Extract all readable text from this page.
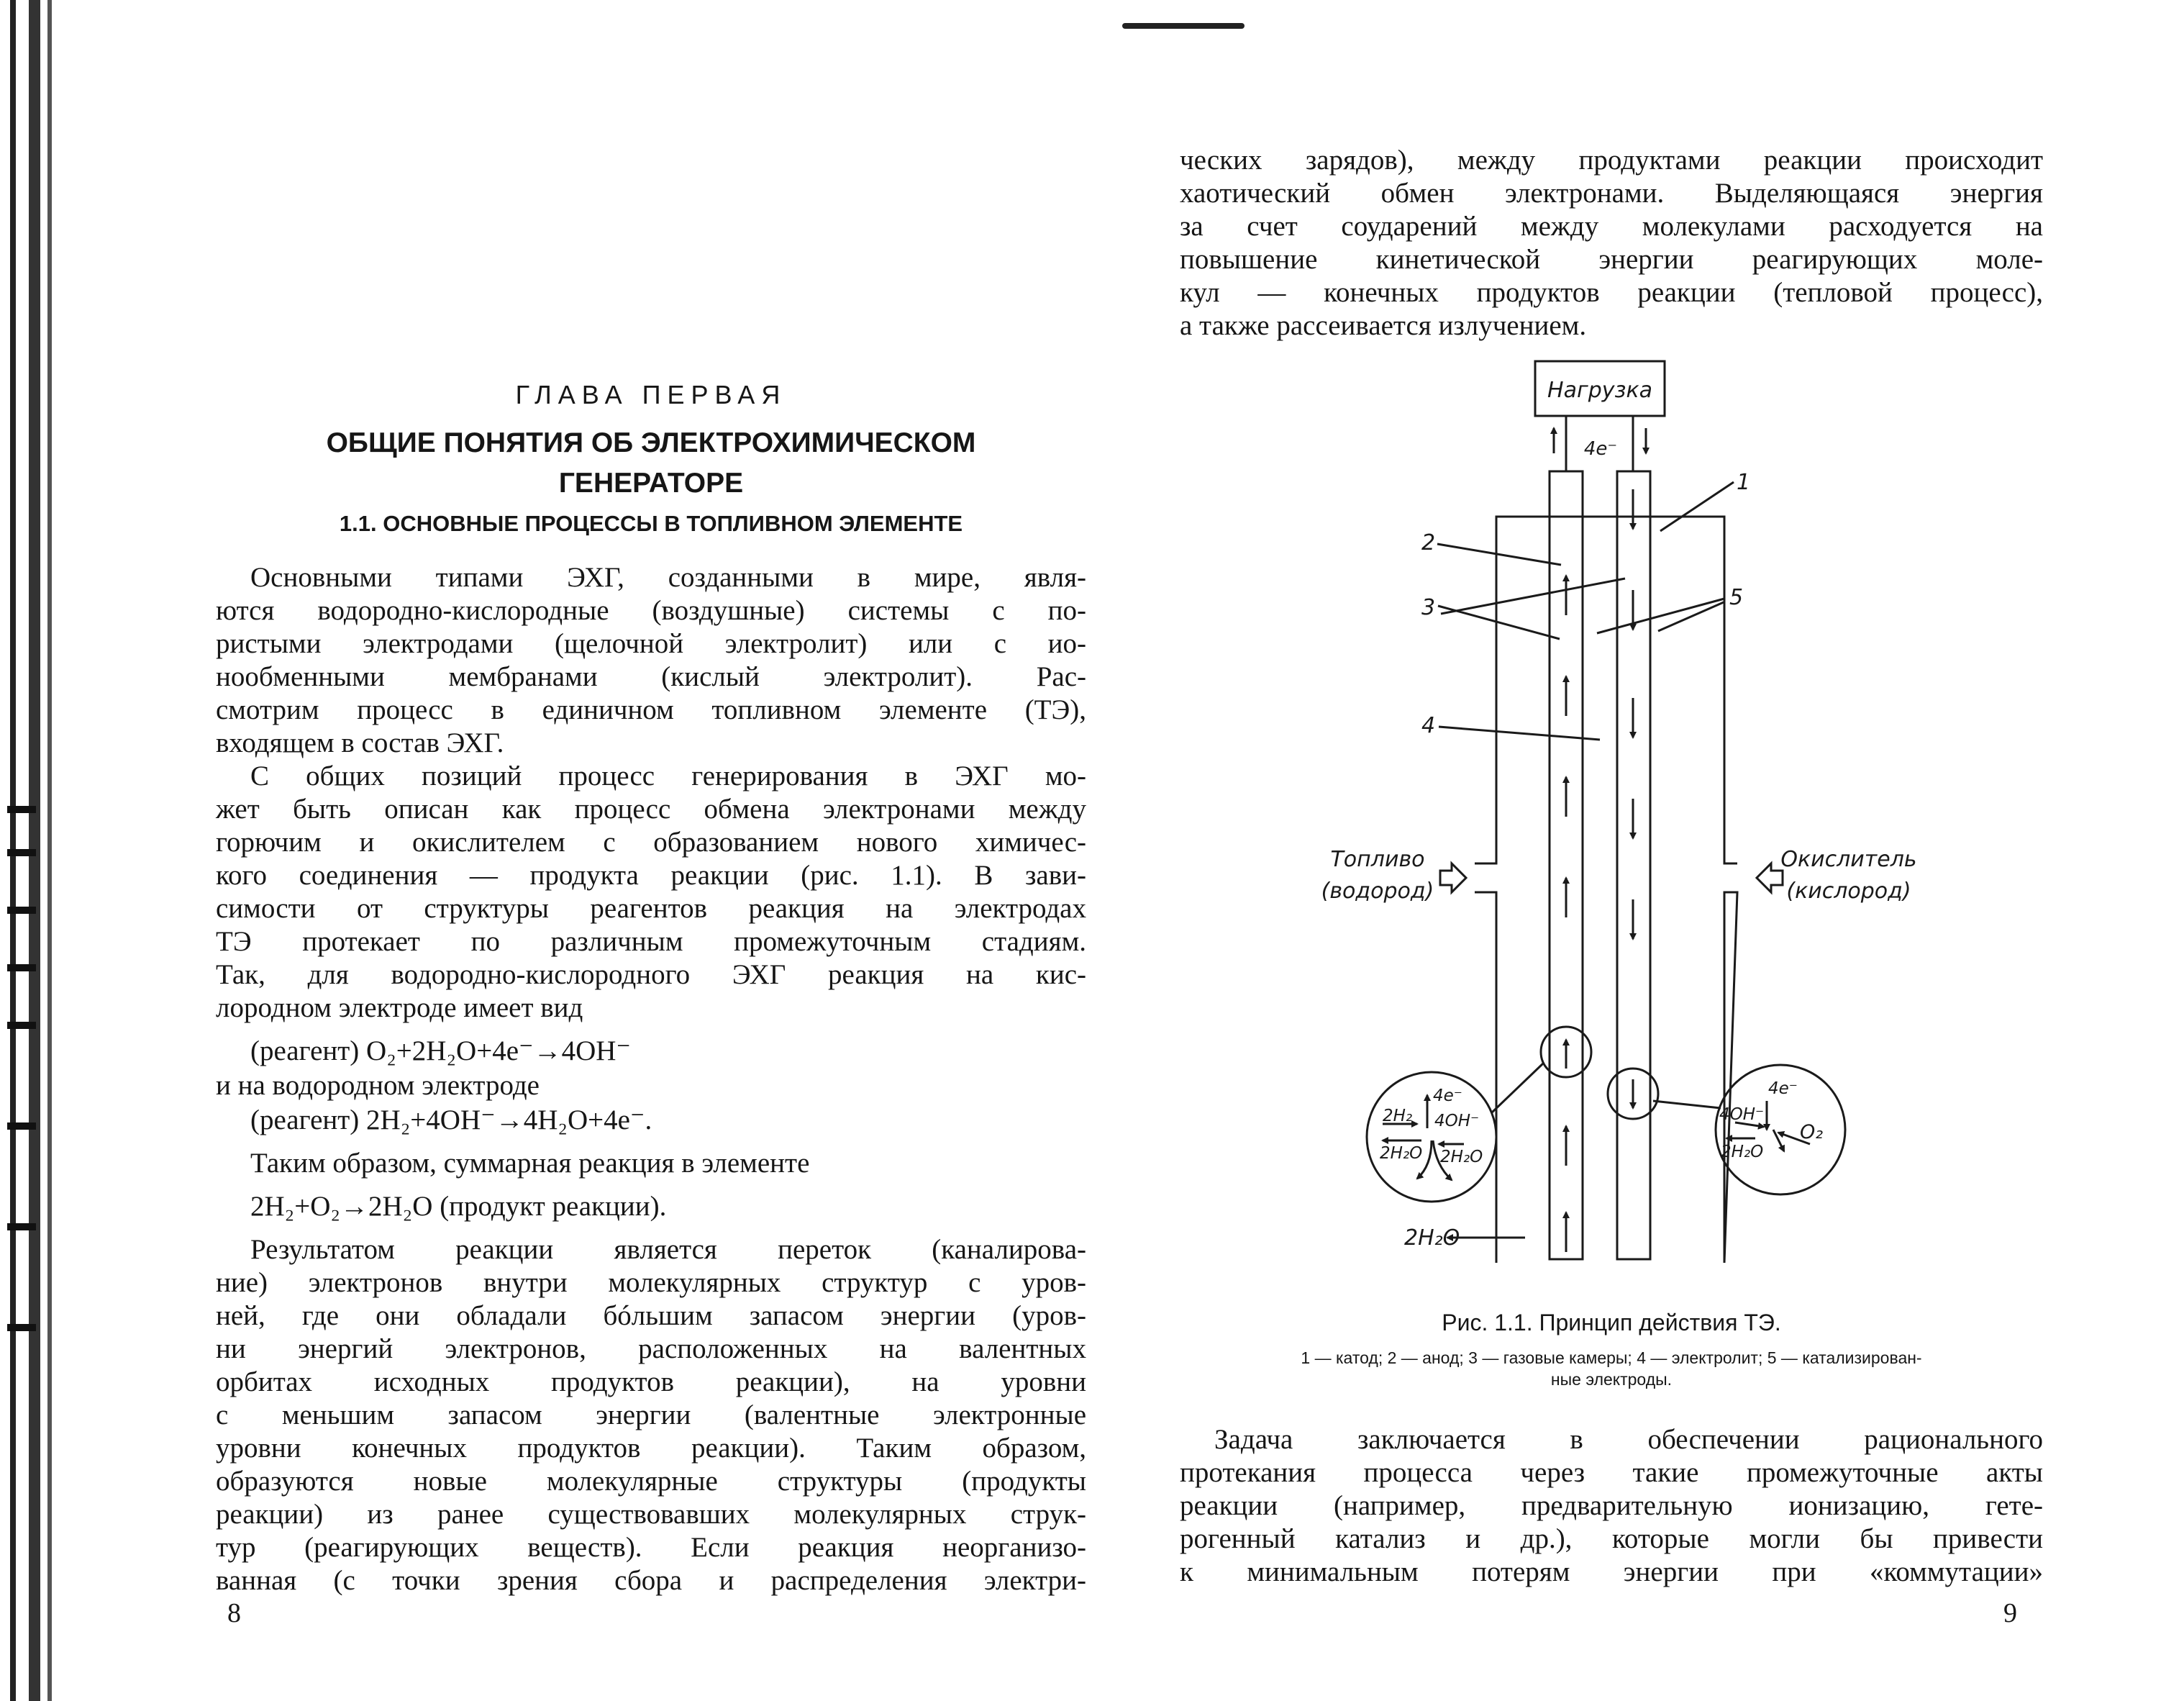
ГЛАВА ПЕРВАЯ
ОБЩИЕ ПОНЯТИЯ ОБ ЭЛЕКТРОХИМИЧЕСКОМ
ГЕНЕРАТОРЕ
1.1. ОСНОВНЫЕ ПРОЦЕССЫ В ТОПЛИВНОМ ЭЛЕМЕНТЕ
Основными типами ЭХГ, созданными в мире, явля-
ются водородно-кислородные (воздушные) системы с по-
ристыми электродами (щелочной электролит) или с ио-
нообменными мембранами (кислый электролит). Рас-
смотрим процесс в единичном топливном элементе (ТЭ),
входящем в состав ЭХГ.
С общих позиций процесс генерирования в ЭХГ мо-
жет быть описан как процесс обмена электронами между
горючим и окислителем с образованием нового химичес-
кого соединения — продукта реакции (рис. 1.1). В зави-
симости от структуры реагентов реакция на электродах
ТЭ протекает по различным промежуточным стадиям.
Так, для водородно-кислородного ЭХГ реакция на кис-
лородном электроде имеет вид
(реагент) O₂+2H₂O+4e⁻→4OH⁻
и на водородном электроде
(реагент) 2H₂+4OH⁻→4H₂O+4e⁻.
Таким образом, суммарная реакция в элементе
2H₂+O₂→2H₂O (продукт реакции).
Результатом реакции является переток (каналирова-
ние) электронов внутри молекулярных структур с уров-
ней, где они обладали бóльшим запасом энергии (уров-
ни энергий электронов, расположенных на валентных
орбитах исходных продуктов реакции), на уровни
с меньшим запасом энергии (валентные электронные
уровни конечных продуктов реакции). Таким образом,
образуются новые молекулярные структуры (продукты
реакции) из ранее существовавших молекулярных струк-
тур (реагирующих веществ). Если реакция неорганизо-
ванная (с точки зрения сбора и распределения электри-
8
ческих зарядов), между продуктами реакции происходит
хаотический обмен электронами. Выделяющаяся энергия
за счет соударений между молекулами расходуется на
повышение кинетической энергии реагирующих моле-
кул — конечных продуктов реакции (тепловой процесс),
а также рассеивается излучением.
Нагрузка
4e⁻
1
2
3
4
5
Топливо
(водород)
Окислитель
(кислород)
2H₂O
4e⁻
2H₂ 4OH⁻
2H₂O 2H₂O
4e⁻
4OH⁻
2H₂O
O₂
Рис. 1.1. Принцип действия ТЭ.
1 — катод; 2 — анод; 3 — газовые камеры; 4 — электролит; 5 — катализирован-
ные электроды.
Задача заключается в обеспечении рационального
протекания процесса через такие промежуточные акты
реакции (например, предварительную ионизацию, гете-
рогенный катализ и др.), которые могли бы привести
к минимальным потерям энергии при «коммутации»
9
